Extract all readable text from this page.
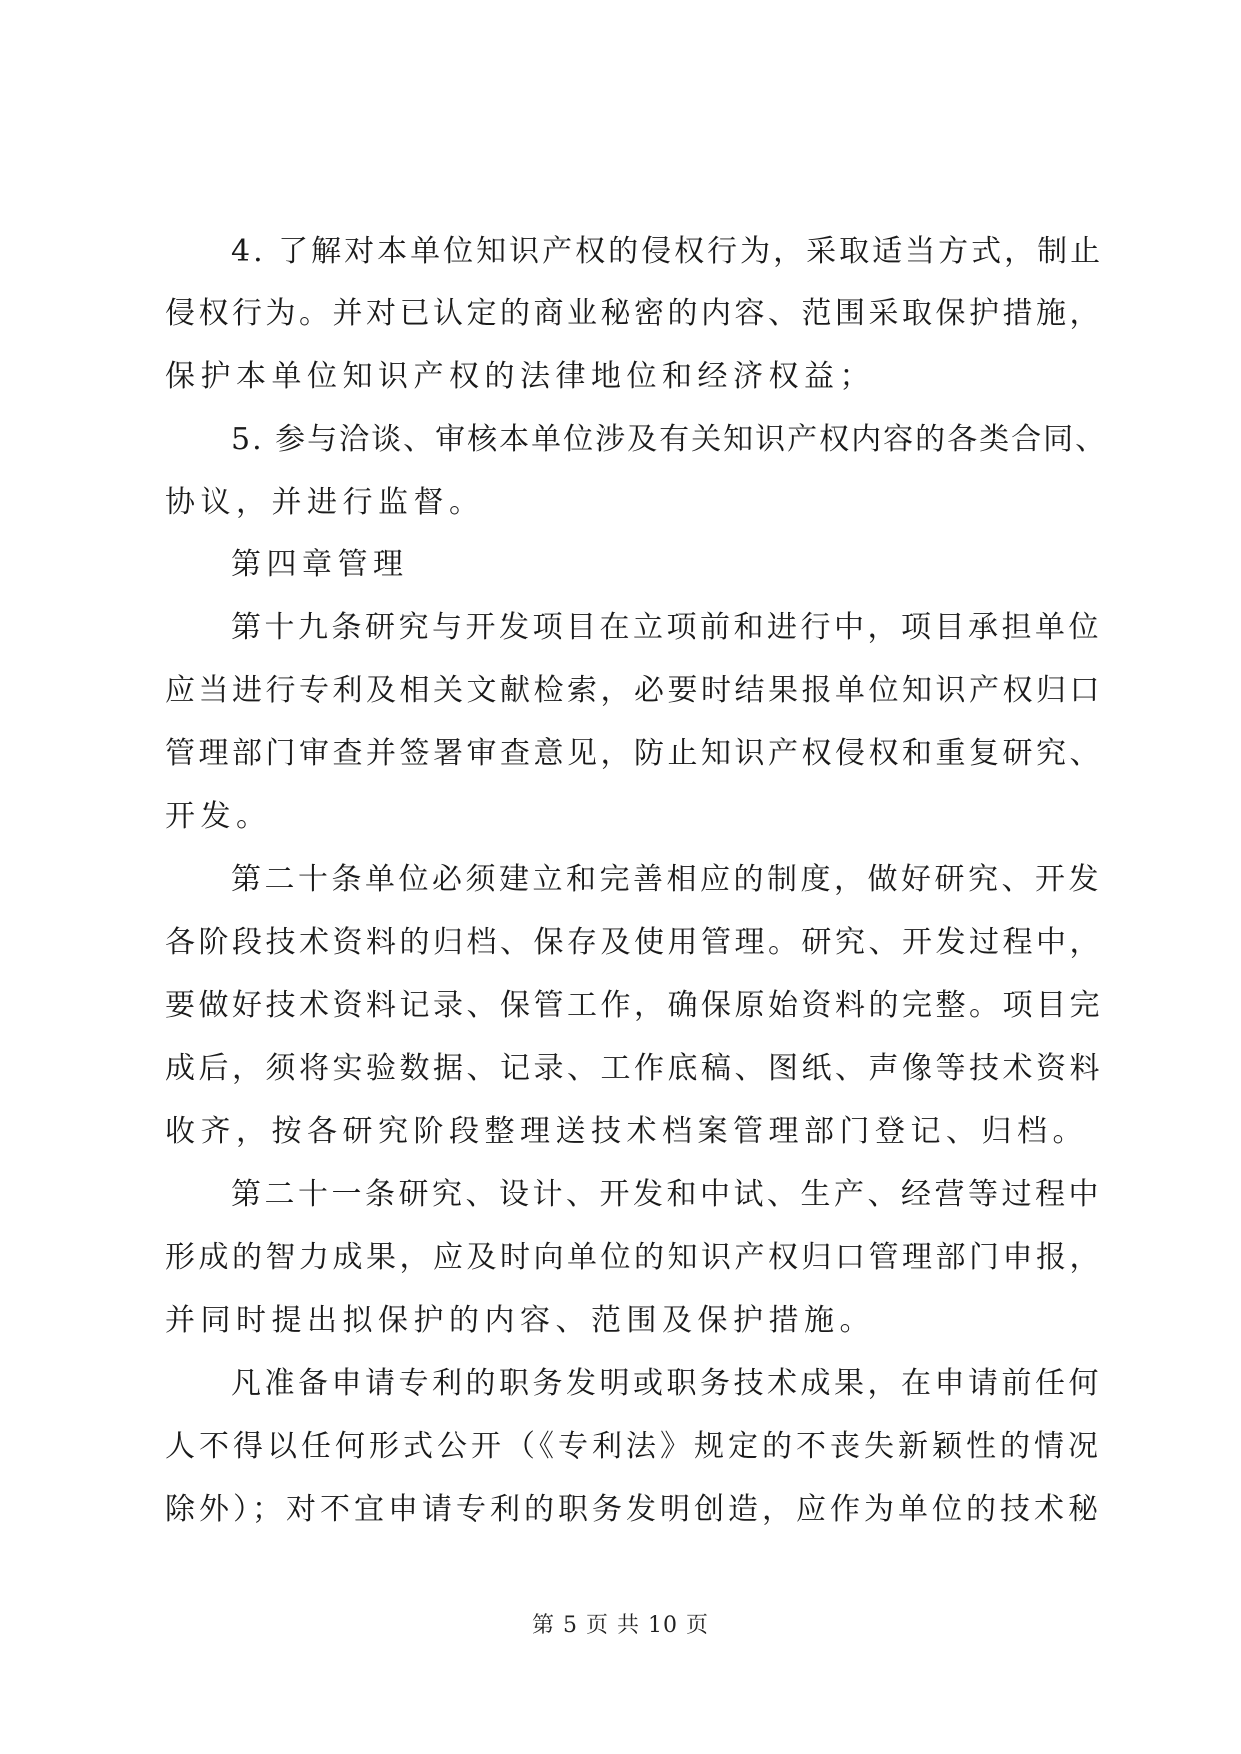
4. 了解对本单位知识产权的侵权行为，采取适当方式，制止
侵权行为。并对已认定的商业秘密的内容、范围采取保护措施，
保护本单位知识产权的法律地位和经济权益；
5. 参与洽谈、审核本单位涉及有关知识产权内容的各类合同、
协议，并进行监督。
第四章管理
第十九条研究与开发项目在立项前和进行中，项目承担单位
应当进行专利及相关文献检索，必要时结果报单位知识产权归口
管理部门审查并签署审查意见，防止知识产权侵权和重复研究、
开发。
第二十条单位必须建立和完善相应的制度，做好研究、开发
各阶段技术资料的归档、保存及使用管理。研究、开发过程中，
要做好技术资料记录、保管工作，确保原始资料的完整。项目完
成后，须将实验数据、记录、工作底稿、图纸、声像等技术资料
收齐，按各研究阶段整理送技术档案管理部门登记、归档。
第二十一条研究、设计、开发和中试、生产、经营等过程中
形成的智力成果，应及时向单位的知识产权归口管理部门申报，
并同时提出拟保护的内容、范围及保护措施。
凡准备申请专利的职务发明或职务技术成果，在申请前任何
人不得以任何形式公开（《专利法》规定的不丧失新颖性的情况
除外）；对不宜申请专利的职务发明创造，应作为单位的技术秘
第 5 页 共 10 页
